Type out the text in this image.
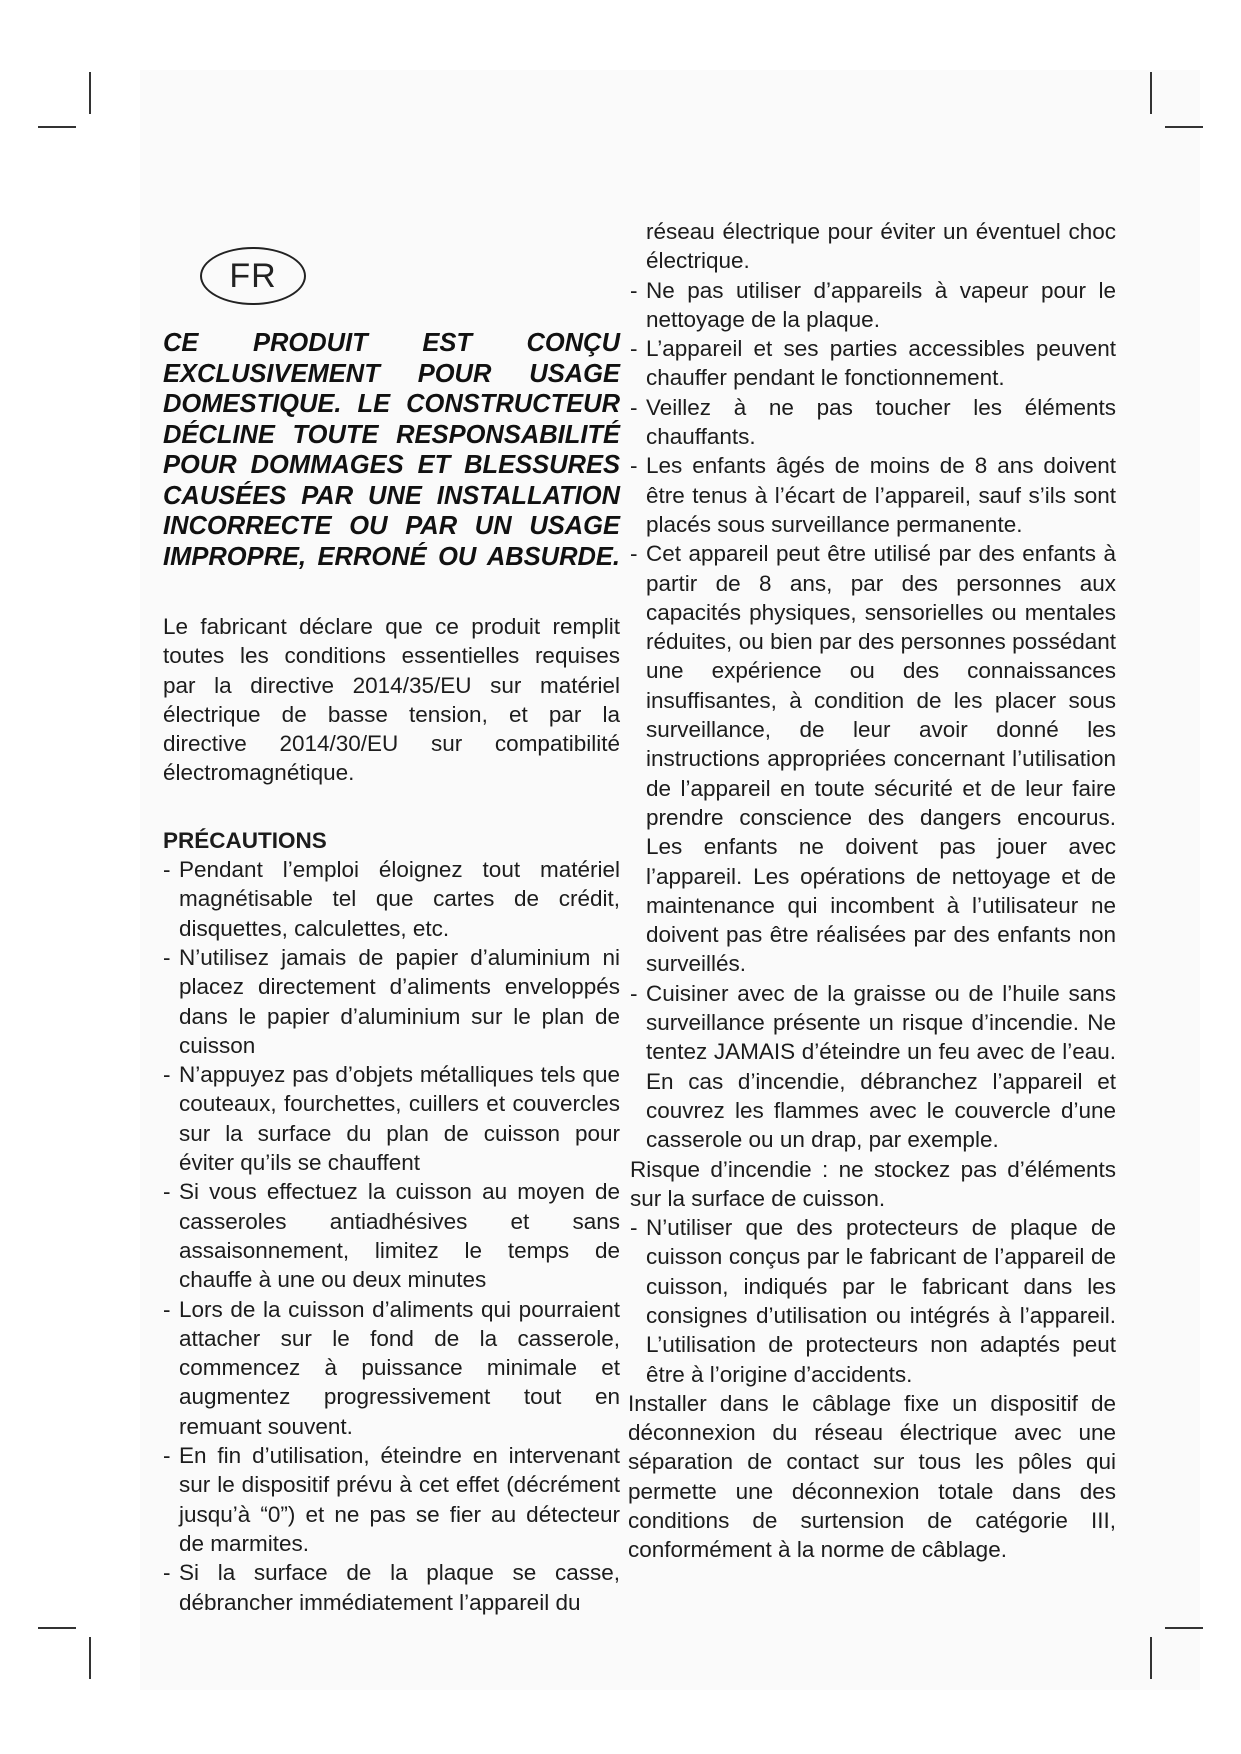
FR

CE PRODUIT EST CONÇU EXCLUSIVEMENT POUR USAGE DOMESTIQUE. LE CONSTRUCTEUR DÉCLINE TOUTE RESPONSABILITÉ POUR DOMMAGES ET BLESSURES CAUSÉES PAR UNE INSTALLATION INCORRECTE OU PAR UN USAGE IMPROPRE, ERRONÉ OU ABSURDE.

Le fabricant déclare que ce produit remplit toutes les conditions essentielles requises par la directive 2014/35/EU sur matériel électrique de basse tension, et par la directive 2014/30/EU sur compatibilité électromagnétique.

PRÉCAUTIONS

- Pendant l’emploi éloignez tout matériel magnétisable tel que cartes de crédit, disquettes, calculettes, etc.
- N’utilisez jamais de papier d’aluminium ni placez directement d’aliments enveloppés dans le papier d’aluminium sur le plan de cuisson
- N’appuyez pas d’objets métalliques tels que couteaux, fourchettes, cuillers et couvercles sur la surface du plan de cuisson pour éviter qu’ils se chauffent
- Si vous effectuez la cuisson au moyen de casseroles antiadhésives et sans assaisonnement, limitez le temps de chauffe à une ou deux minutes
- Lors de la cuisson d’aliments qui pourraient attacher sur le fond de la casserole, commencez à puissance minimale et augmentez progressivement tout en remuant souvent.
- En fin d’utilisation, éteindre en intervenant sur le dispositif prévu à cet effet (décrément jusqu’à “0”) et ne pas se fier au détecteur de marmites.
- Si la surface de la plaque se casse, débrancher immédiatement l’appareil du

réseau électrique pour éviter un éventuel choc électrique.

- Ne pas utiliser d’appareils à vapeur pour le nettoyage de la plaque.
- L’appareil et ses parties accessibles peuvent chauffer pendant le fonctionnement.
- Veillez à ne pas toucher les éléments chauffants.
- Les enfants âgés de moins de 8 ans doivent être tenus à l’écart de l’appareil, sauf s’ils sont placés sous surveillance permanente.
- Cet appareil peut être utilisé par des enfants à partir de 8 ans, par des personnes aux capacités physiques, sensorielles ou mentales réduites, ou bien par des personnes possédant une expérience ou des connaissances insuffisantes, à condition de les placer sous surveillance, de leur avoir donné les instructions appropriées concernant l’utilisation de l’appareil en toute sécurité et de leur faire prendre conscience des dangers encourus. Les enfants ne doivent pas jouer avec l’appareil. Les opérations de nettoyage et de maintenance qui incombent à l’utilisateur ne doivent pas être réalisées par des enfants non surveillés.
- Cuisiner avec de la graisse ou de l’huile sans surveillance présente un risque d’incendie. Ne tentez JAMAIS d’éteindre un feu avec de l’eau. En cas d’incendie, débranchez l’appareil et couvrez les flammes avec le couvercle d’une casserole ou un drap, par exemple.

Risque d’incendie : ne stockez pas d’éléments sur la surface de cuisson.

- N’utiliser que des protecteurs de plaque de cuisson conçus par le fabricant de l’appareil de cuisson, indiqués par le fabricant dans les consignes d’utilisation ou intégrés à l’appareil. L’utilisation de protecteurs non adaptés peut être à l’origine d’accidents.

Installer dans le câblage fixe un dispositif de déconnexion du réseau électrique avec une séparation de contact sur tous les pôles qui permette une déconnexion totale dans des conditions de surtension de catégorie III, conformément à la norme de câblage.
